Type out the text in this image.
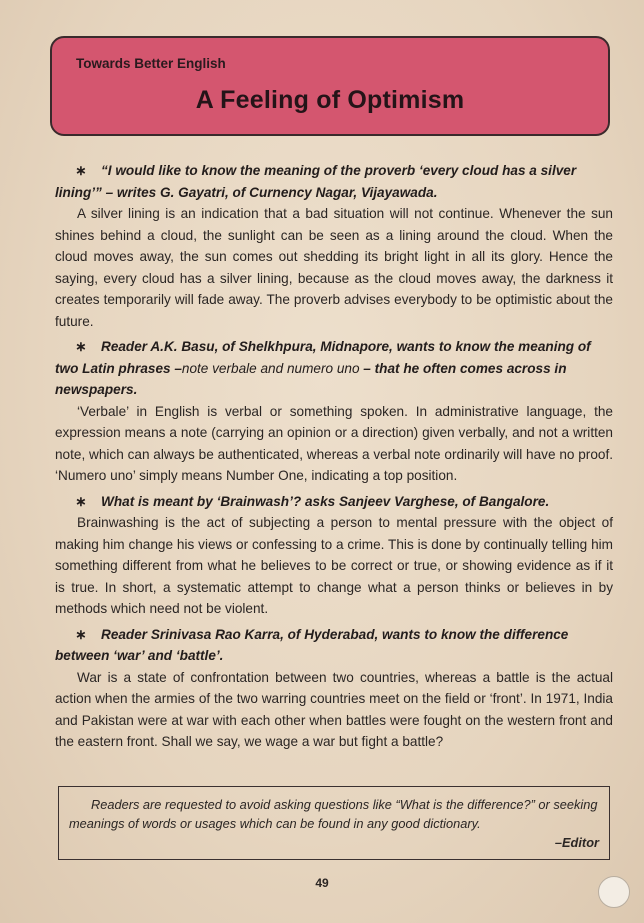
Towards Better English
A Feeling of Optimism
∗ “I would like to know the meaning of the proverb ‘every cloud has a silver lining’” – writes G. Gayatri, of Curnency Nagar, Vijayawada.

A silver lining is an indication that a bad situation will not continue. Whenever the sun shines behind a cloud, the sunlight can be seen as a lining around the cloud. When the cloud moves away, the sun comes out shedding its bright light in all its glory. Hence the saying, every cloud has a silver lining, because as the cloud moves away, the darkness it creates temporarily will fade away. The proverb advises everybody to be optimistic about the future.

∗ Reader A.K. Basu, of Shelkhpura, Midnapore, wants to know the meaning of two Latin phrases –note verbale and numero uno – that he often comes across in newspapers.

‘Verbale’ in English is verbal or something spoken. In administrative language, the expression means a note (carrying an opinion or a direction) given verbally, and not a written note, which can always be authenticated, whereas a verbal note ordinarily will have no proof. ‘Numero uno’ simply means Number One, indicating a top position.

∗ What is meant by ‘Brainwash’? asks Sanjeev Varghese, of Bangalore.

Brainwashing is the act of subjecting a person to mental pressure with the object of making him change his views or confessing to a crime. This is done by continually telling him something different from what he believes to be correct or true, or showing evidence as if it is true. In short, a systematic attempt to change what a person thinks or believes in by methods which need not be violent.

∗ Reader Srinivasa Rao Karra, of Hyderabad, wants to know the difference between ‘war’ and ‘battle’.

War is a state of confrontation between two countries, whereas a battle is the actual action when the armies of the two warring countries meet on the field or ‘front’. In 1971, India and Pakistan were at war with each other when battles were fought on the western front and the eastern front. Shall we say, we wage a war but fight a battle?

Readers are requested to avoid asking questions like “What is the difference?” or seeking meanings of words or usages which can be found in any good dictionary.
–Editor
49
